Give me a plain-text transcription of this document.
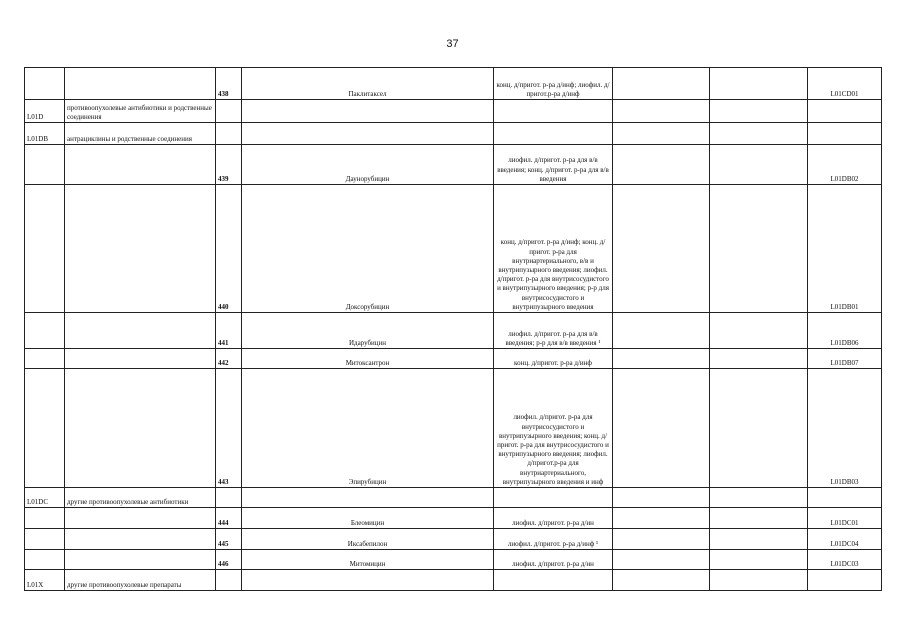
37
		438	Паклитаксел	конц. д/пригот. р-ра д/инф; лиофил. д/пригот.р-ра д/инф			L01CD01
L01D	противоопухолевые антибиотики и родственные соединения						
L01DB	антрациклины и родственные соединения						
		439	Даунорубицин	лиофил. д/пригот. р-ра для в/в введения; конц. д/пригот. р-ра для в/в введения			L01DB02
		440	Доксорубицин	конц. д/пригот. р-ра д/инф; конц. д/пригот. р-ра для внутриартериального, в/в и внутрипузырного введения; лиофил. д/пригот. р-ра для внутрисосудистого и внутрипузырного введения; р-р для внутрисосудистого и внутрипузырного введения			L01DB01
		441	Идарубицин	лиофил. д/пригот. р-ра для в/в введения; р-р для в/в введения ¹			L01DB06
		442	Митоксантрон	конц. д/пригот. р-ра д/инф			L01DB07
		443	Эпирубицин	лиофил. д/пригот. р-ра для внутрисосудистого и внутрипузырного введения; конц. д/пригот. р-ра для внутрисосудистого и внутрипузырного введения; лиофил. д/пригот.р-ра для внутриартериального, внутрипузырного введения и инф			L01DB03
L01DC	другие противоопухолевые антибиотики						
		444	Блеомицин	лиофил. д/пригот. р-ра д/ин			L01DC01
		445	Иксабепилон	лиофил. д/пригот. р-ра д/инф ¹			L01DC04
		446	Митомицин	лиофил. д/пригот. р-ра д/ин			L01DC03
L01X	другие противоопухолевые препараты						
